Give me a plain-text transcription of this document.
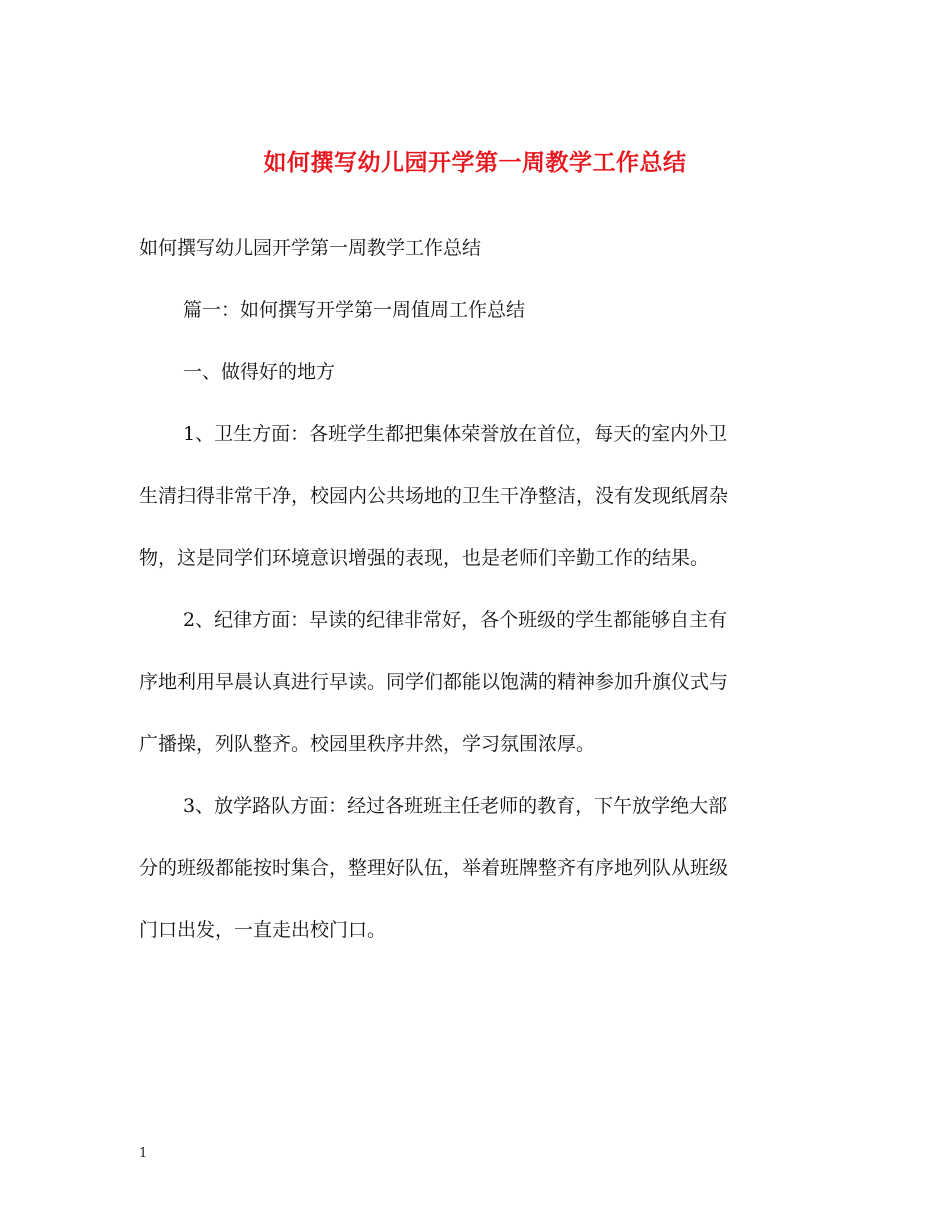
如何撰写幼儿园开学第一周教学工作总结

如何撰写幼儿园开学第一周教学工作总结

篇一：如何撰写开学第一周值周工作总结

一、做得好的地方

1、卫生方面：各班学生都把集体荣誉放在首位，每天的室内外卫

生清扫得非常干净，校园内公共场地的卫生干净整洁，没有发现纸屑杂

物，这是同学们环境意识增强的表现，也是老师们辛勤工作的结果。

2、纪律方面：早读的纪律非常好，各个班级的学生都能够自主有

序地利用早晨认真进行早读。同学们都能以饱满的精神参加升旗仪式与

广播操，列队整齐。校园里秩序井然，学习氛围浓厚。

3、放学路队方面：经过各班班主任老师的教育，下午放学绝大部

分的班级都能按时集合，整理好队伍，举着班牌整齐有序地列队从班级

门口出发，一直走出校门口。

1
